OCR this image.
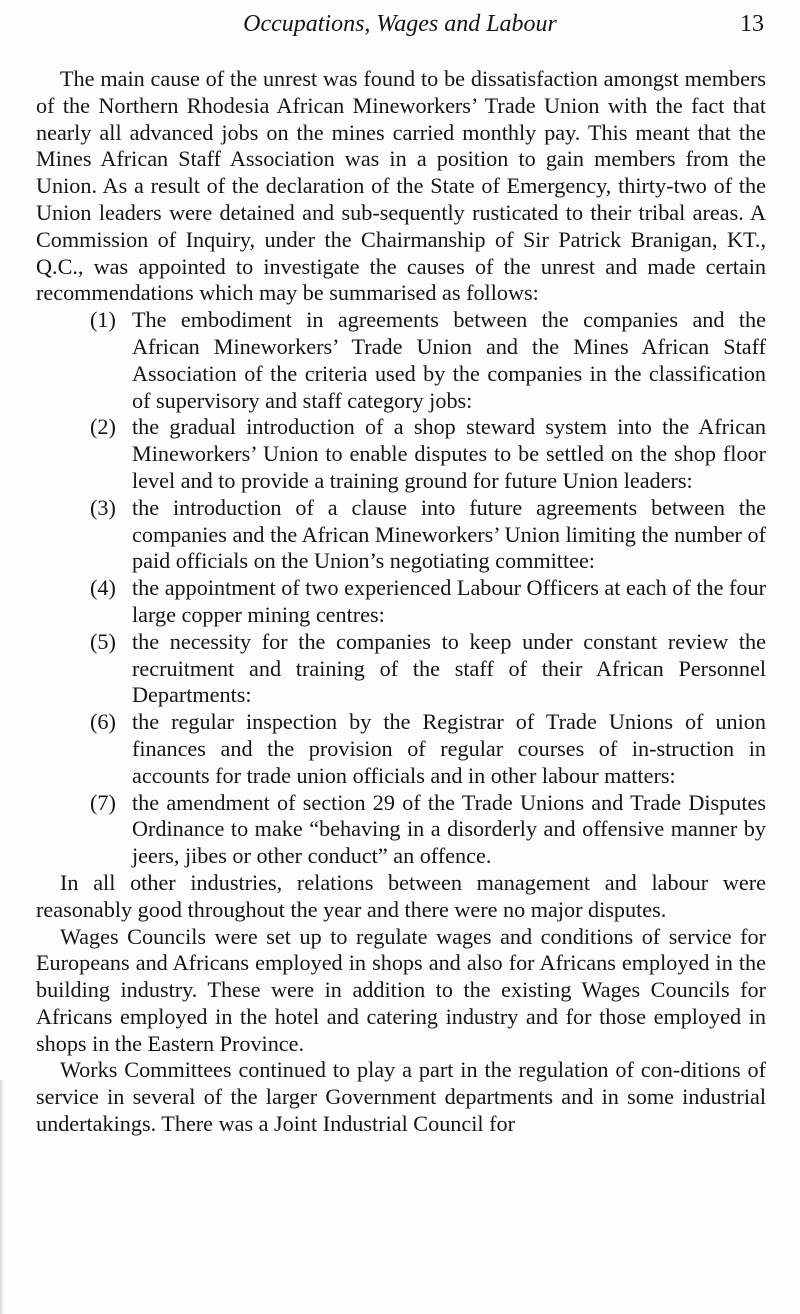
Occupations, Wages and Labour	13

The main cause of the unrest was found to be dissatisfaction amongst members of the Northern Rhodesia African Mineworkers’ Trade Union with the fact that nearly all advanced jobs on the mines carried monthly pay. This meant that the Mines African Staff Association was in a position to gain members from the Union. As a result of the declaration of the State of Emergency, thirty-two of the Union leaders were detained and sub-sequently rusticated to their tribal areas. A Commission of Inquiry, under the Chairmanship of Sir Patrick Branigan, KT., Q.C., was appointed to investigate the causes of the unrest and made certain recommendations which may be summarised as follows:

(1) The embodiment in agreements between the companies and the African Mineworkers’ Trade Union and the Mines African Staff Association of the criteria used by the companies in the classification of supervisory and staff category jobs:
(2) the gradual introduction of a shop steward system into the African Mineworkers’ Union to enable disputes to be settled on the shop floor level and to provide a training ground for future Union leaders:
(3) the introduction of a clause into future agreements between the companies and the African Mineworkers’ Union limiting the number of paid officials on the Union’s negotiating committee:
(4) the appointment of two experienced Labour Officers at each of the four large copper mining centres:
(5) the necessity for the companies to keep under constant review the recruitment and training of the staff of their African Personnel Departments:
(6) the regular inspection by the Registrar of Trade Unions of union finances and the provision of regular courses of in-struction in accounts for trade union officials and in other labour matters:
(7) the amendment of section 29 of the Trade Unions and Trade Disputes Ordinance to make “behaving in a disorderly and offensive manner by jeers, jibes or other conduct” an offence.

In all other industries, relations between management and labour were reasonably good throughout the year and there were no major disputes.

Wages Councils were set up to regulate wages and conditions of service for Europeans and Africans employed in shops and also for Africans employed in the building industry. These were in addition to the existing Wages Councils for Africans employed in the hotel and catering industry and for those employed in shops in the Eastern Province.

Works Committees continued to play a part in the regulation of con-ditions of service in several of the larger Government departments and in some industrial undertakings. There was a Joint Industrial Council for
